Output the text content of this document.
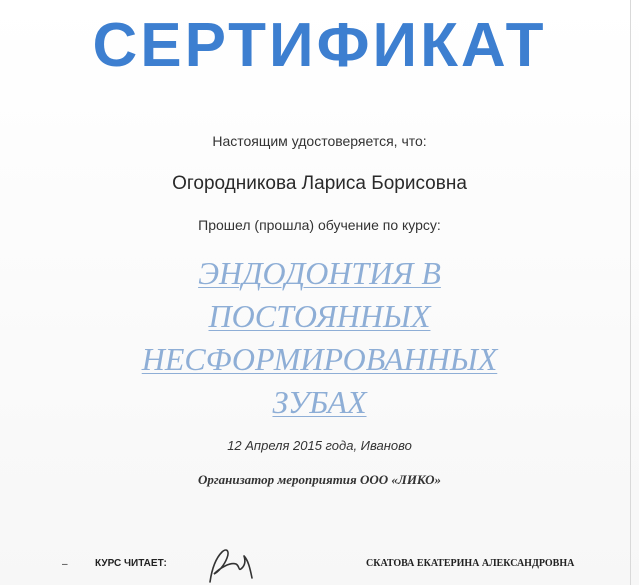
СЕРТИФИКАТ
Настоящим удостоверяется, что:
Огородникова Лариса Борисовна
Прошел (прошла) обучение по курсу:
ЭНДОДОНТИЯ В
ПОСТОЯННЫХ
НЕСФОРМИРОВАННЫХ
ЗУБАХ
12 Апреля 2015 года, Иваново
Организатор мероприятия ООО «ЛИКО»
–	КУРС ЧИТАЕТ:	СКАТОВА ЕКАТЕРИНА АЛЕКСАНДРОВНА
